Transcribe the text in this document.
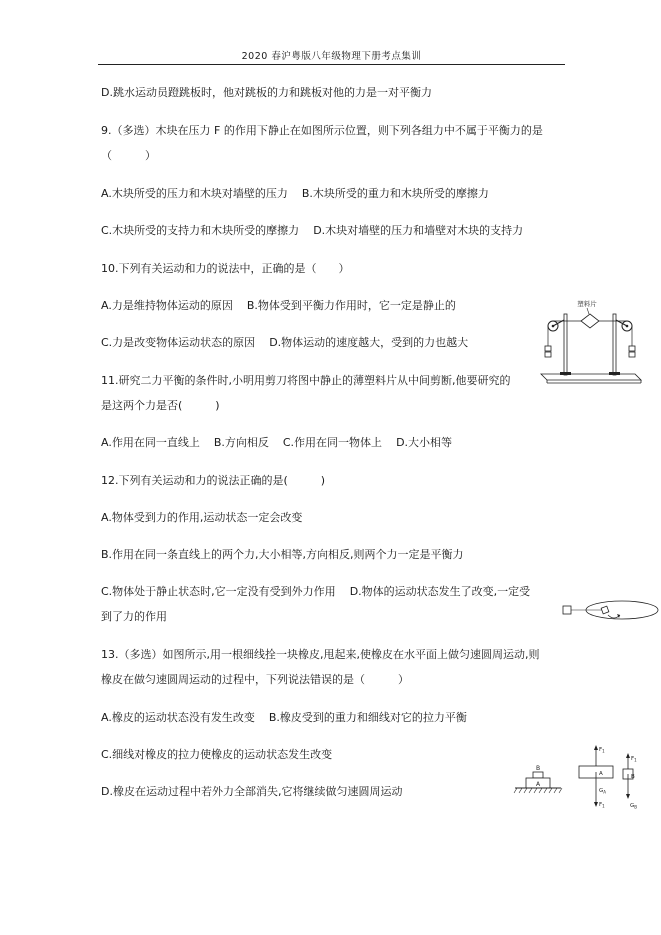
2020 春沪粤版八年级物理下册考点集训
D.跳水运动员蹬跳板时，他对跳板的力和跳板对他的力是一对平衡力
9.（多选）木块在压力 F 的作用下静止在如图所示位置，则下列各组力中不属于平衡力的是
（　　　）
A.木块所受的压力和木块对墙壁的压力 B.木块所受的重力和木块所受的摩擦力
C.木块所受的支持力和木块所受的摩擦力 D.木块对墙壁的压力和墙壁对木块的支持力
10.下列有关运动和力的说法中，正确的是（　　）
A.力是维持物体运动的原因 B.物体受到平衡力作用时，它一定是静止的
C.力是改变物体运动状态的原因 D.物体运动的速度越大，受到的力也越大
11.研究二力平衡的条件时,小明用剪刀将图中静止的薄塑料片从中间剪断,他要研究的
是这两个力是否(　　　)
A.作用在同一直线上 B.方向相反 C.作用在同一物体上 D.大小相等
12.下列有关运动和力的说法正确的是(　　　)
A.物体受到力的作用,运动状态一定会改变
B.作用在同一条直线上的两个力,大小相等,方向相反,则两个力一定是平衡力
C.物体处于静止状态时,它一定没有受到外力作用 D.物体的运动状态发生了改变,一定受
到了力的作用
13.（多选）如图所示,用一根细线拴一块橡皮,甩起来,使橡皮在水平面上做匀速圆周运动,则
橡皮在做匀速圆周运动的过程中，下列说法错误的是（　　　）
A.橡皮的运动状态没有发生改变 B.橡皮受到的重力和细线对它的拉力平衡
C.细线对橡皮的拉力使橡皮的运动状态发生改变
D.橡皮在运动过程中若外力全部消失,它将继续做匀速圆周运动
塑料片
B
A
$F_1$
A
$G_A$
$F_1$
$F_1$
B
$G_B$
